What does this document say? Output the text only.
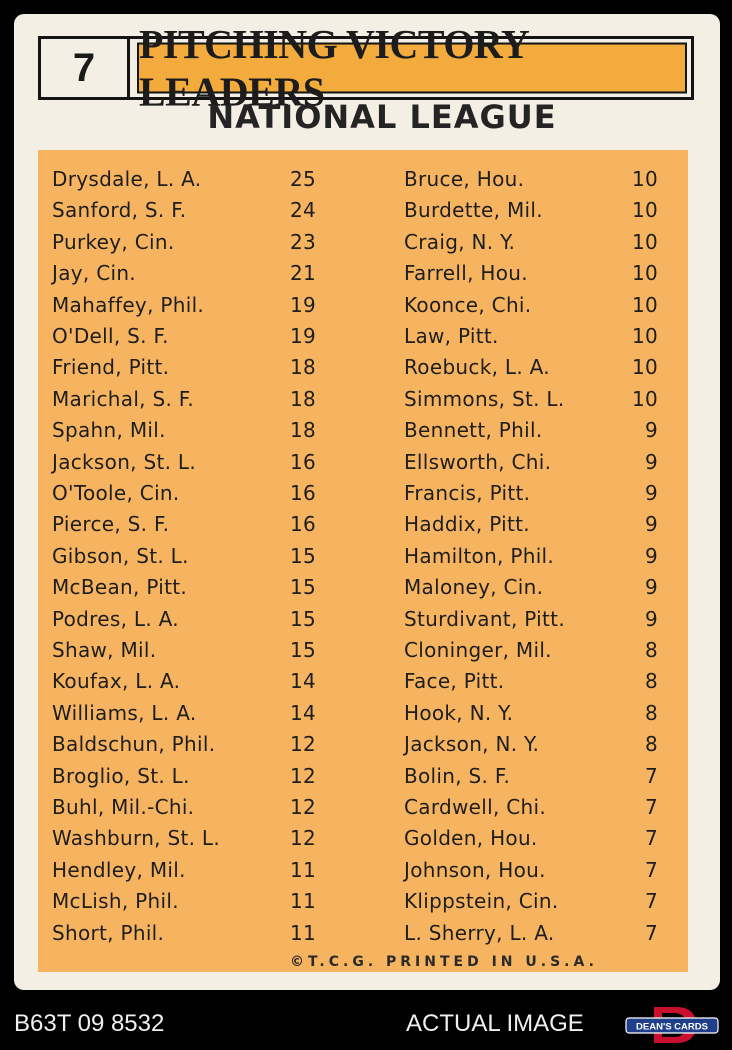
7
PITCHING VICTORY LEADERS
NATIONAL LEAGUE
Drysdale, L. A.	25	Bruce, Hou.	10
Sanford, S. F.	24	Burdette, Mil.	10
Purkey, Cin.	23	Craig, N. Y.	10
Jay, Cin.	21	Farrell, Hou.	10
Mahaffey, Phil.	19	Koonce, Chi.	10
O'Dell, S. F.	19	Law, Pitt.	10
Friend, Pitt.	18	Roebuck, L. A.	10
Marichal, S. F.	18	Simmons, St. L.	10
Spahn, Mil.	18	Bennett, Phil.	9
Jackson, St. L.	16	Ellsworth, Chi.	9
O'Toole, Cin.	16	Francis, Pitt.	9
Pierce, S. F.	16	Haddix, Pitt.	9
Gibson, St. L.	15	Hamilton, Phil.	9
McBean, Pitt.	15	Maloney, Cin.	9
Podres, L. A.	15	Sturdivant, Pitt.	9
Shaw, Mil.	15	Cloninger, Mil.	8
Koufax, L. A.	14	Face, Pitt.	8
Williams, L. A.	14	Hook, N. Y.	8
Baldschun, Phil.	12	Jackson, N. Y.	8
Broglio, St. L.	12	Bolin, S. F.	7
Buhl, Mil.-Chi.	12	Cardwell, Chi.	7
Washburn, St. L.	12	Golden, Hou.	7
Hendley, Mil.	11	Johnson, Hou.	7
McLish, Phil.	11	Klippstein, Cin.	7
Short, Phil.	11	L. Sherry, L. A.	7
©T.C.G. PRINTED IN U.S.A.
B63T 09 8532	ACTUAL IMAGE	DEAN'S CARDS
